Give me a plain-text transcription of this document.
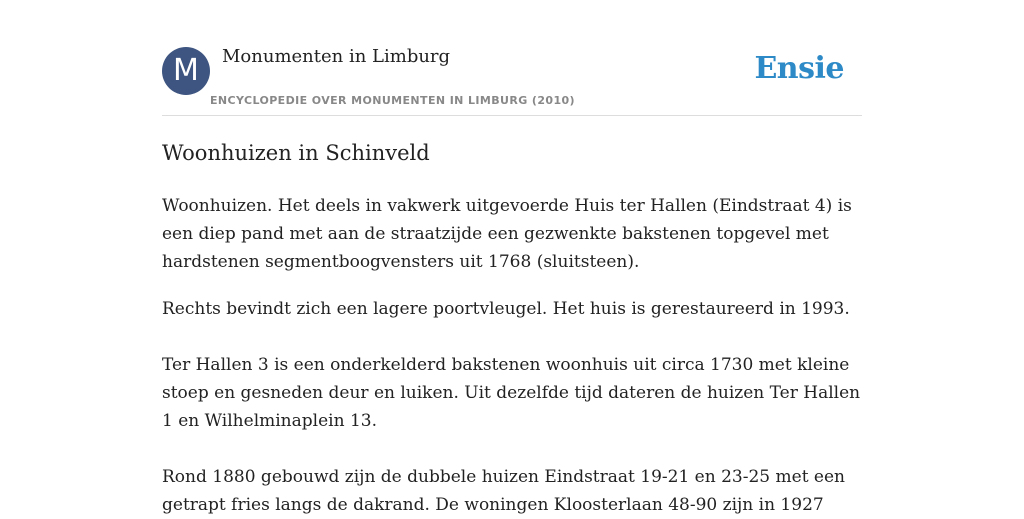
M	Monumenten in Limburg
ENCYCLOPEDIE OVER MONUMENTEN IN LIMBURG (2010)
Ensie
Woonhuizen in Schinveld

Woonhuizen. Het deels in vakwerk uitgevoerde Huis ter Hallen (Eindstraat 4) is een diep pand met aan de straatzijde een gezwenkte bakstenen topgevel met hardstenen segmentboogvensters uit 1768 (sluitsteen).

Rechts bevindt zich een lagere poortvleugel. Het huis is gerestaureerd in 1993.

Ter Hallen 3 is een onderkelderd bakstenen woonhuis uit circa 1730 met kleine stoep en gesneden deur en luiken. Uit dezelfde tijd dateren de huizen Ter Hallen 1 en Wilhelminaplein 13.

Rond 1880 gebouwd zijn de dubbele huizen Eindstraat 19-21 en 23-25 met een getrapt fries langs de dakrand. De woningen Kloosterlaan 48-90 zijn in 1927
